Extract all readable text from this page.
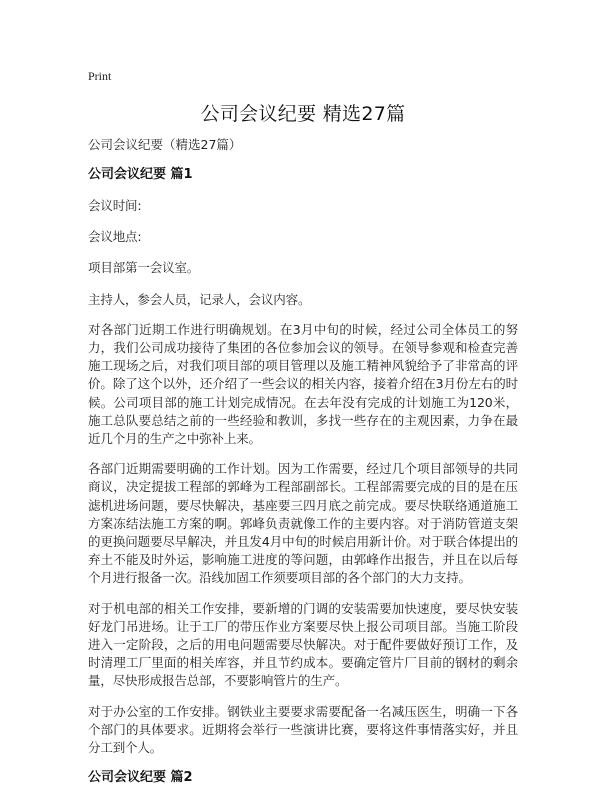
Print
公司会议纪要 精选27篇

公司会议纪要（精选27篇）

公司会议纪要 篇1

会议时间:

会议地点:

项目部第一会议室。

主持人，参会人员，记录人，会议内容。

对各部门近期工作进行明确规划。在3月中旬的时候，经过公司全体员工的努力，我们公司成功接待了集团的各位参加会议的领导。在领导参观和检查完善施工现场之后，对我们项目部的项目管理以及施工精神风貌给予了非常高的评价。除了这个以外，还介绍了一些会议的相关内容，接着介绍在3月份左右的时候。公司项目部的施工计划完成情况。在去年没有完成的计划施工为120米，施工总队要总结之前的一些经验和教训，多找一些存在的主观因素，力争在最近几个月的生产之中弥补上来。

各部门近期需要明确的工作计划。因为工作需要，经过几个项目部领导的共同商议，决定提拔工程部的郭峰为工程部副部长。工程部需要完成的目的是在压滤机进场问题，要尽快解决，基座要三四月底之前完成。要尽快联络通道施工方案冻结法施工方案的啊。郭峰负责就像工作的主要内容。对于消防管道支架的更换问题要尽早解决，并且发4月中旬的时候启用新计价。对于联合体提出的弃土不能及时外运，影响施工进度的等问题，由郭峰作出报告，并且在以后每个月进行报备一次。沿线加固工作须要项目部的各个部门的大力支持。

对于机电部的相关工作安排，要新增的门调的安装需要加快速度，要尽快安装好龙门吊进场。让于工厂的带压作业方案要尽快上报公司项目部。当施工阶段进入一定阶段，之后的用电问题需要尽快解决。对于配件要做好预订工作，及时清理工厂里面的相关库容，并且节约成本。要确定管片厂目前的钢材的剩余量，尽快形成报告总部，不要影响管片的生产。

对于办公室的工作安排。钢铁业主要要求需要配备一名减压医生，明确一下各个部门的具体要求。近期将会举行一些演讲比赛，要将这件事情落实好，并且分工到个人。

公司会议纪要 篇2
